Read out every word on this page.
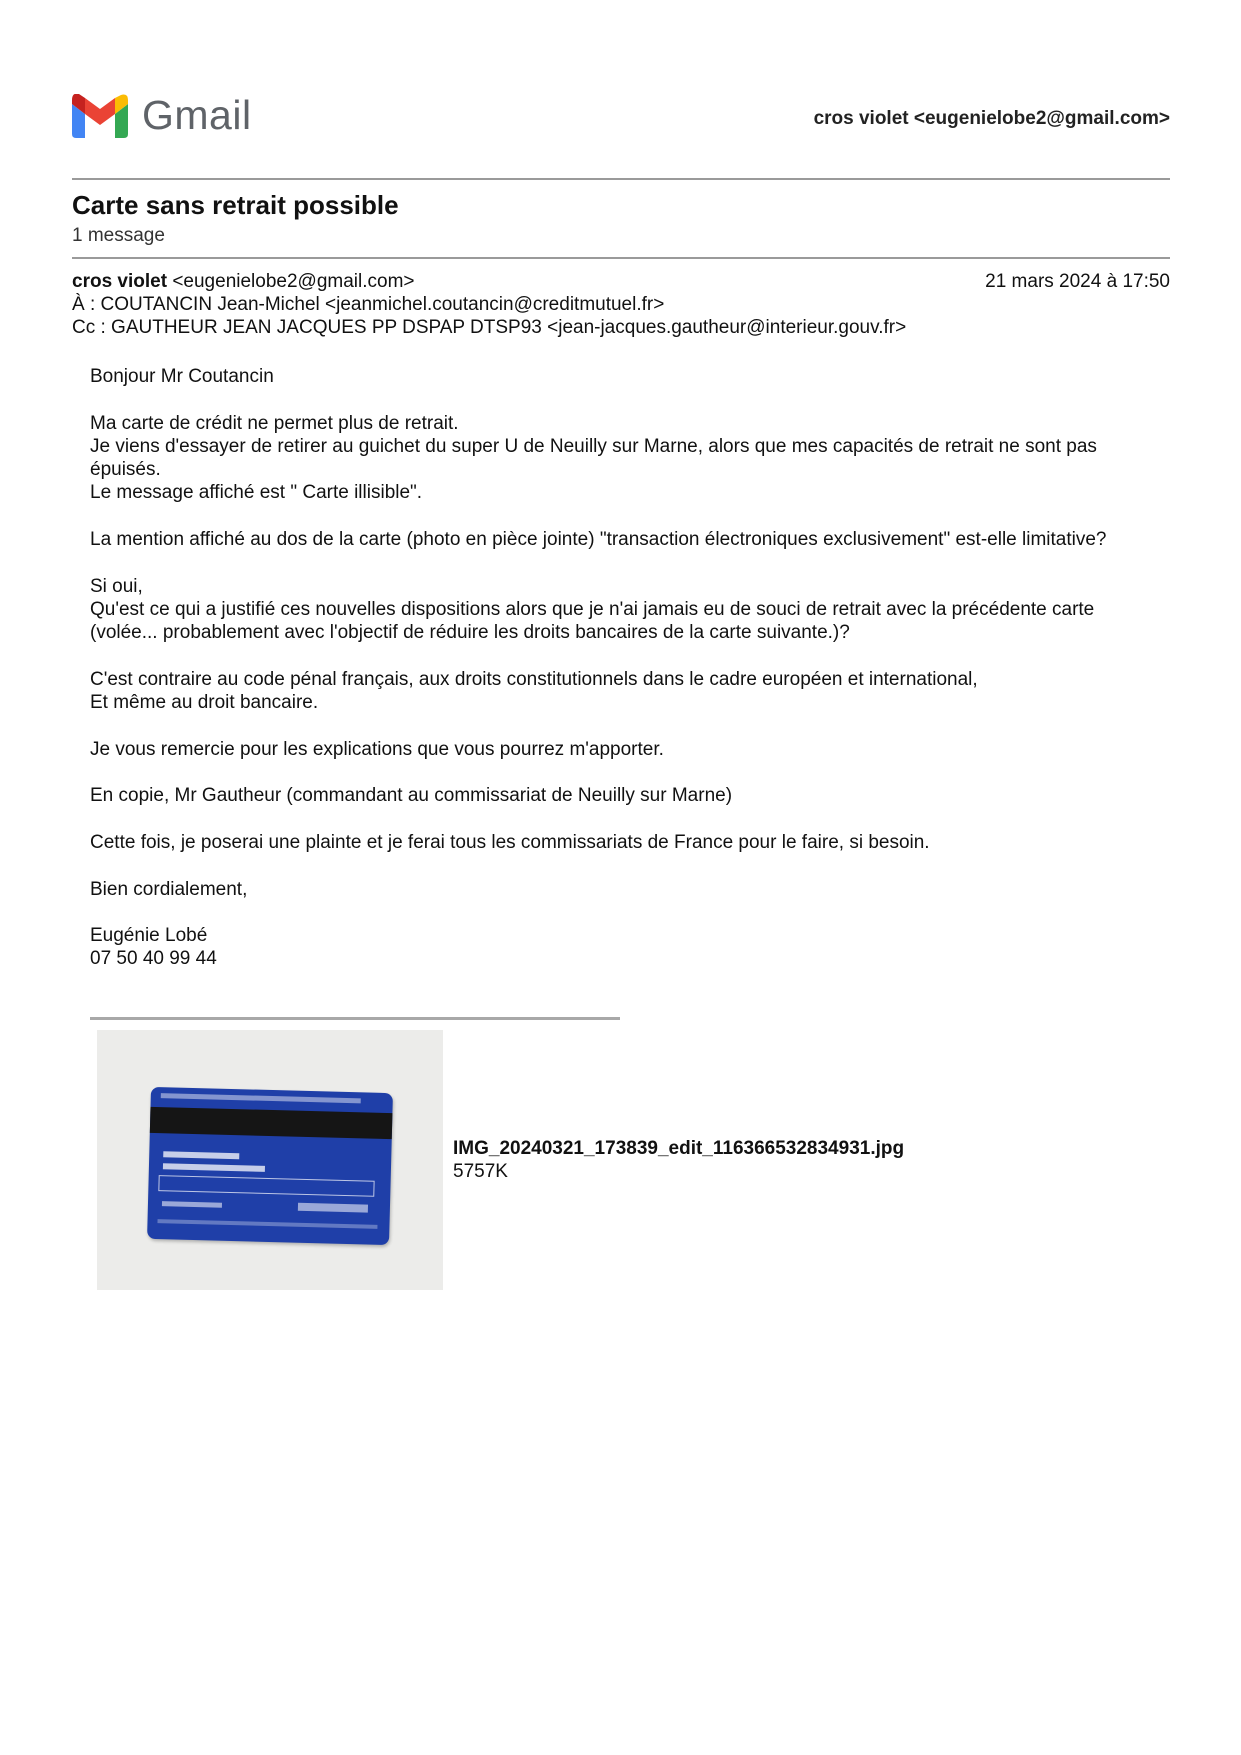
Gmail	cros violet <eugenielobe2@gmail.com>
Carte sans retrait possible
1 message
cros violet <eugenielobe2@gmail.com>	21 mars 2024 à 17:50
À : COUTANCIN Jean-Michel <jeanmichel.coutancin@creditmutuel.fr>
Cc : GAUTHEUR JEAN JACQUES PP DSPAP DTSP93 <jean-jacques.gautheur@interieur.gouv.fr>

Bonjour Mr Coutancin

Ma carte de crédit ne permet plus de retrait.
Je viens d'essayer de retirer au guichet du super U de Neuilly sur Marne, alors que mes capacités de retrait ne sont pas épuisés.
Le message affiché est " Carte illisible".

La mention affiché au dos de la carte (photo en pièce jointe) "transaction électroniques exclusivement" est-elle limitative?

Si oui,
Qu'est ce qui a justifié ces nouvelles dispositions alors que je n'ai jamais eu de souci de retrait avec la précédente carte (volée... probablement avec l'objectif de réduire les droits bancaires de la carte suivante.)?

C'est contraire au code pénal français, aux droits constitutionnels dans le cadre européen et international,
Et même au droit bancaire.

Je vous remercie pour les explications que vous pourrez m'apporter.

En copie, Mr Gautheur (commandant au commissariat de Neuilly sur Marne)

Cette fois, je poserai une plainte et je ferai tous les commissariats de France pour le faire, si besoin.

Bien cordialement,

Eugénie Lobé
07 50 40 99 44

IMG_20240321_173839_edit_116366532834931.jpg
5757K
